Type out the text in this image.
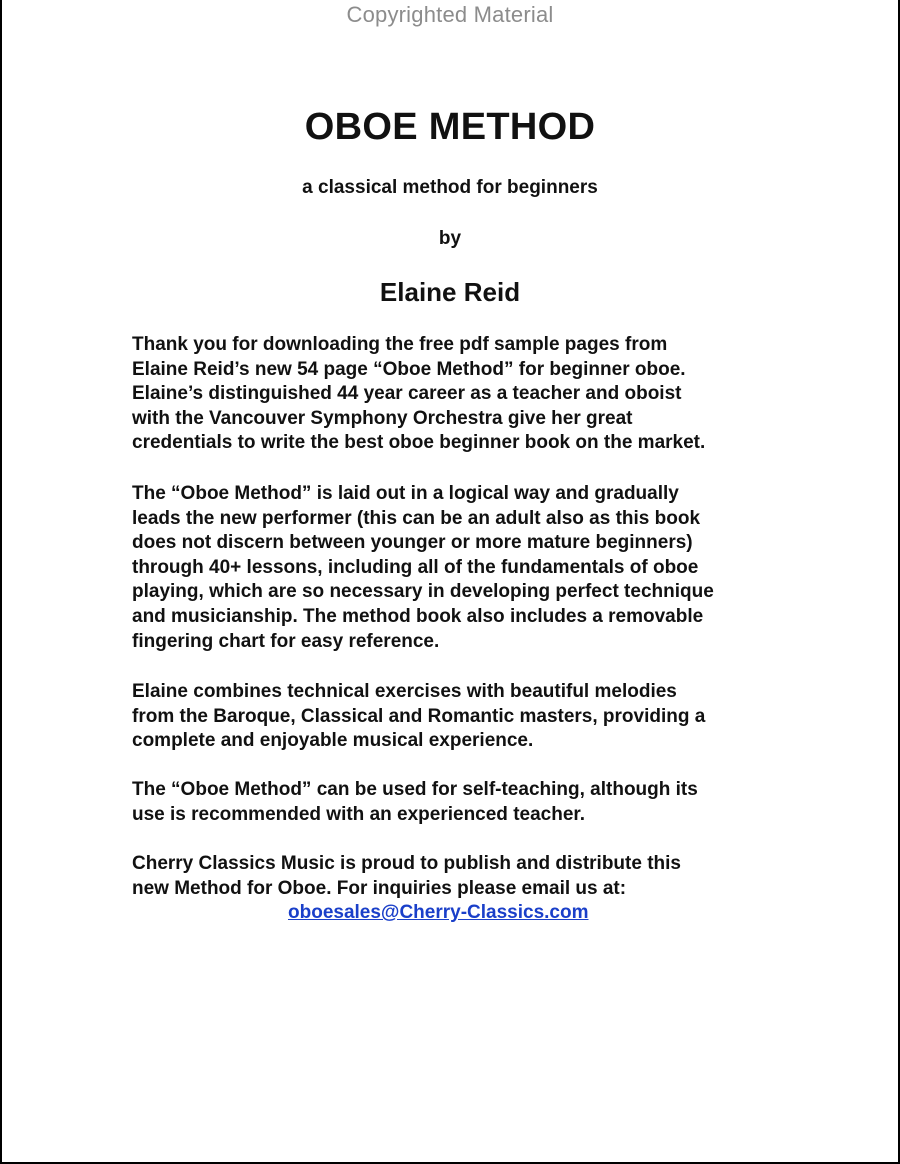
Copyrighted Material
OBOE METHOD
a classical method for beginners
by
Elaine Reid
Thank you for downloading the free pdf sample pages from
Elaine Reid’s new 54 page “Oboe Method” for beginner oboe.
Elaine’s distinguished 44 year career as a teacher and oboist
with the Vancouver Symphony Orchestra give her great
credentials to write the best oboe beginner book on the market.
The “Oboe Method” is laid out in a logical way and gradually
leads the new performer (this can be an adult also as this book
does not discern between younger or more mature beginners)
through 40+ lessons, including all of the fundamentals of oboe
playing, which are so necessary in developing perfect technique
and musicianship. The method book also includes a removable
fingering chart for easy reference.
Elaine combines technical exercises with beautiful melodies
from the Baroque, Classical and Romantic masters, providing a
complete and enjoyable musical experience.
The “Oboe Method” can be used for self-teaching, although its
use is recommended with an experienced teacher.
Cherry Classics Music is proud to publish and distribute this
new Method for Oboe. For inquiries please email us at:
oboesales@Cherry-Classics.com
